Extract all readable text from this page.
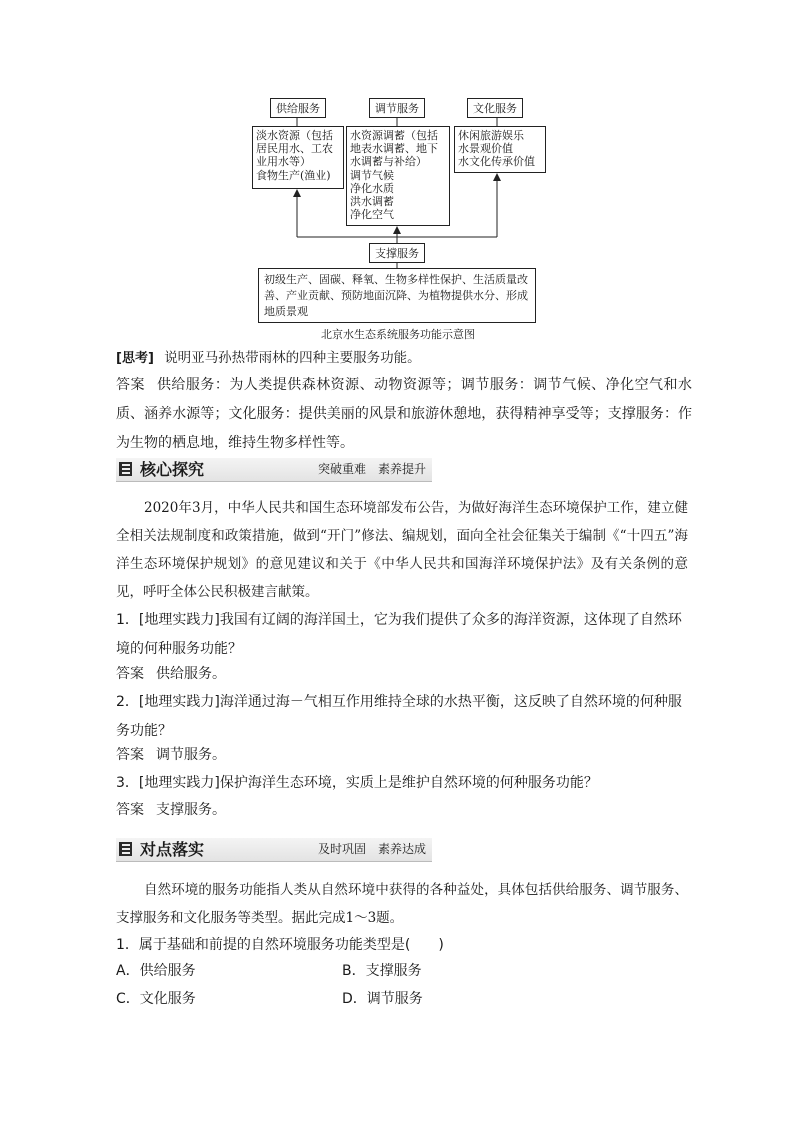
供给服务	调节服务	文化服务
淡水资源（包括居民用水、工农业用水等）
食物生产(渔业)
水资源调蓄（包括地表水调蓄、地下水调蓄与补给）
调节气候
净化水质
洪水调蓄
净化空气
休闲旅游娱乐
水景观价值
水文化传承价值
支撑服务
初级生产、固碳、释氧、生物多样性保护、生活质量改善、产业贡献、预防地面沉降、为植物提供水分、形成地质景观
北京水生态系统服务功能示意图
[思考] 说明亚马孙热带雨林的四种主要服务功能。
答案 供给服务：为人类提供森林资源、动物资源等；调节服务：调节气候、净化空气和水质、涵养水源等；文化服务：提供美丽的风景和旅游休憩地，获得精神享受等；支撑服务：作为生物的栖息地，维持生物多样性等。
核心探究	突破重难　素养提升
2020年3月，中华人民共和国生态环境部发布公告，为做好海洋生态环境保护工作，建立健全相关法规制度和政策措施，做到“开门”修法、编规划，面向全社会征集关于编制《“十四五”海洋生态环境保护规划》的意见建议和关于《中华人民共和国海洋环境保护法》及有关条例的意见，呼吁全体公民积极建言献策。
1．[地理实践力]我国有辽阔的海洋国土，它为我们提供了众多的海洋资源，这体现了自然环境的何种服务功能？
答案 供给服务。
2．[地理实践力]海洋通过海－气相互作用维持全球的水热平衡，这反映了自然环境的何种服务功能？
答案 调节服务。
3．[地理实践力]保护海洋生态环境，实质上是维护自然环境的何种服务功能？
答案 支撑服务。
对点落实	及时巩固　素养达成
自然环境的服务功能指人类从自然环境中获得的各种益处，具体包括供给服务、调节服务、支撑服务和文化服务等类型。据此完成1～3题。
1．属于基础和前提的自然环境服务功能类型是(　　)
A．供给服务	B．支撑服务
C．文化服务	D．调节服务
